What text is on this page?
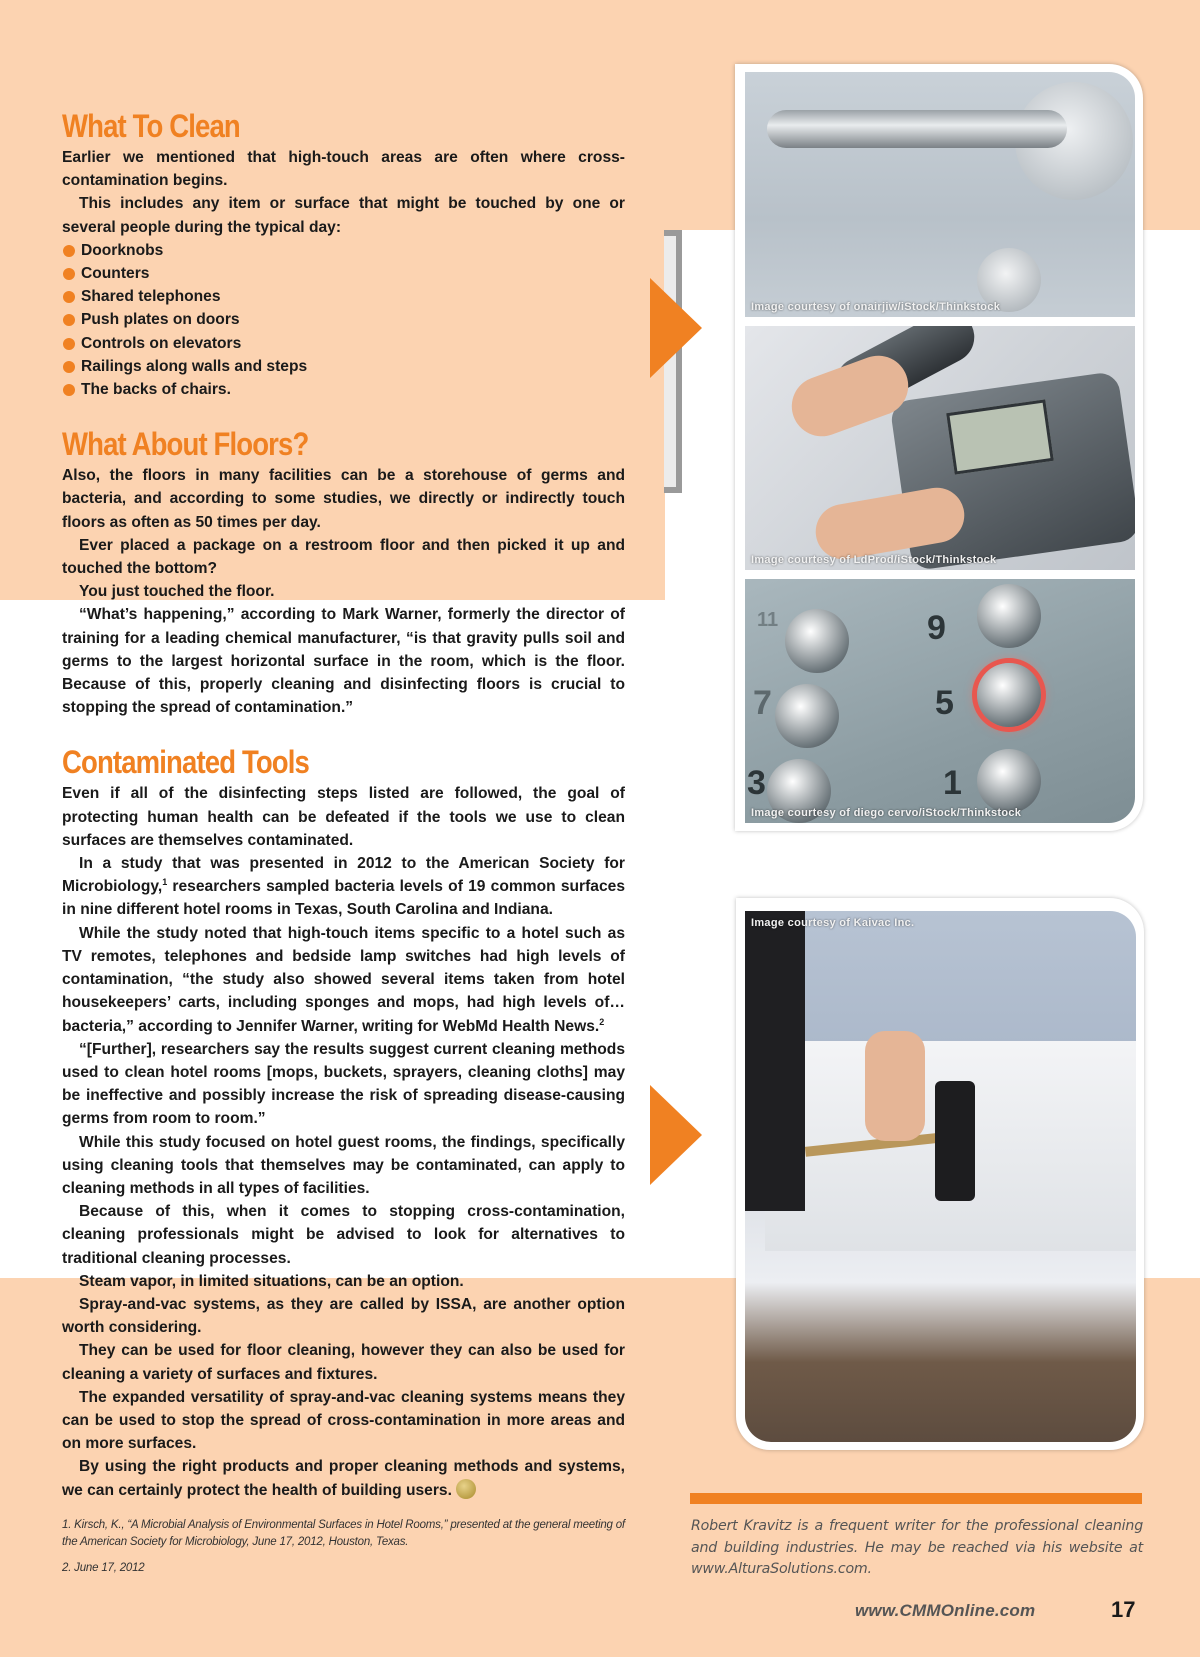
What To Clean

Earlier we mentioned that high-touch areas are often where cross-contamination begins.

This includes any item or surface that might be touched by one or several people during the typical day:

Doorknobs
Counters
Shared telephones
Push plates on doors
Controls on elevators
Railings along walls and steps
The backs of chairs.
What About Floors?

Also, the floors in many facilities can be a storehouse of germs and bacteria, and according to some studies, we directly or indirectly touch floors as often as 50 times per day.

Ever placed a package on a restroom floor and then picked it up and touched the bottom?

You just touched the floor.

“What’s happening,” according to Mark Warner, formerly the director of training for a leading chemical manufacturer, “is that gravity pulls soil and germs to the largest horizontal surface in the room, which is the floor. Because of this, properly cleaning and disinfecting floors is crucial to stopping the spread of contamination.”

Contaminated Tools

Even if all of the disinfecting steps listed are followed, the goal of protecting human health can be defeated if the tools we use to clean surfaces are themselves contaminated.

In a study that was presented in 2012 to the American Society for Microbiology,$^1$ researchers sampled bacteria levels of 19 common surfaces in nine different hotel rooms in Texas, South Carolina and Indiana.

While the study noted that high-touch items specific to a hotel such as TV remotes, telephones and bedside lamp switches had high levels of contamination, “the study also showed several items taken from hotel housekeepers’ carts, including sponges and mops, had high levels of…bacteria,” according to Jennifer Warner, writing for WebMd Health News.$^2$

“[Further], researchers say the results suggest current cleaning methods used to clean hotel rooms [mops, buckets, sprayers, cleaning cloths] may be ineffective and possibly increase the risk of spreading disease-causing germs from room to room.”

While this study focused on hotel guest rooms, the findings, specifically using cleaning tools that themselves may be contaminated, can apply to cleaning methods in all types of facilities.

Because of this, when it comes to stopping cross-contamination, cleaning professionals might be advised to look for alternatives to traditional cleaning processes.

Steam vapor, in limited situations, can be an option.

Spray-and-vac systems, as they are called by ISSA, are another option worth considering.

They can be used for floor cleaning, however they can also be used for cleaning a variety of surfaces and fixtures.

The expanded versatility of spray-and-vac cleaning systems means they can be used to stop the spread of cross-contamination in more areas and on more surfaces.

By using the right products and proper cleaning methods and systems, we can certainly protect the health of building users.

1. Kirsch, K., “A Microbial Analysis of Environmental Surfaces in Hotel Rooms,” presented at the general meeting of the American Society for Microbiology, June 17, 2012, Houston, Texas.

2. June 17, 2012

Image courtesy of onairjiw/iStock/Thinkstock
Image courtesy of LdProd/iStock/Thinkstock
9
5
7
3	1
11
Image courtesy of diego cervo/iStock/Thinkstock
Image courtesy of Kaivac Inc.

Robert Kravitz is a frequent writer for the professional cleaning and building industries. He may be reached via his website at www.AlturaSolutions.com.

www.CMMOnline.com	17
